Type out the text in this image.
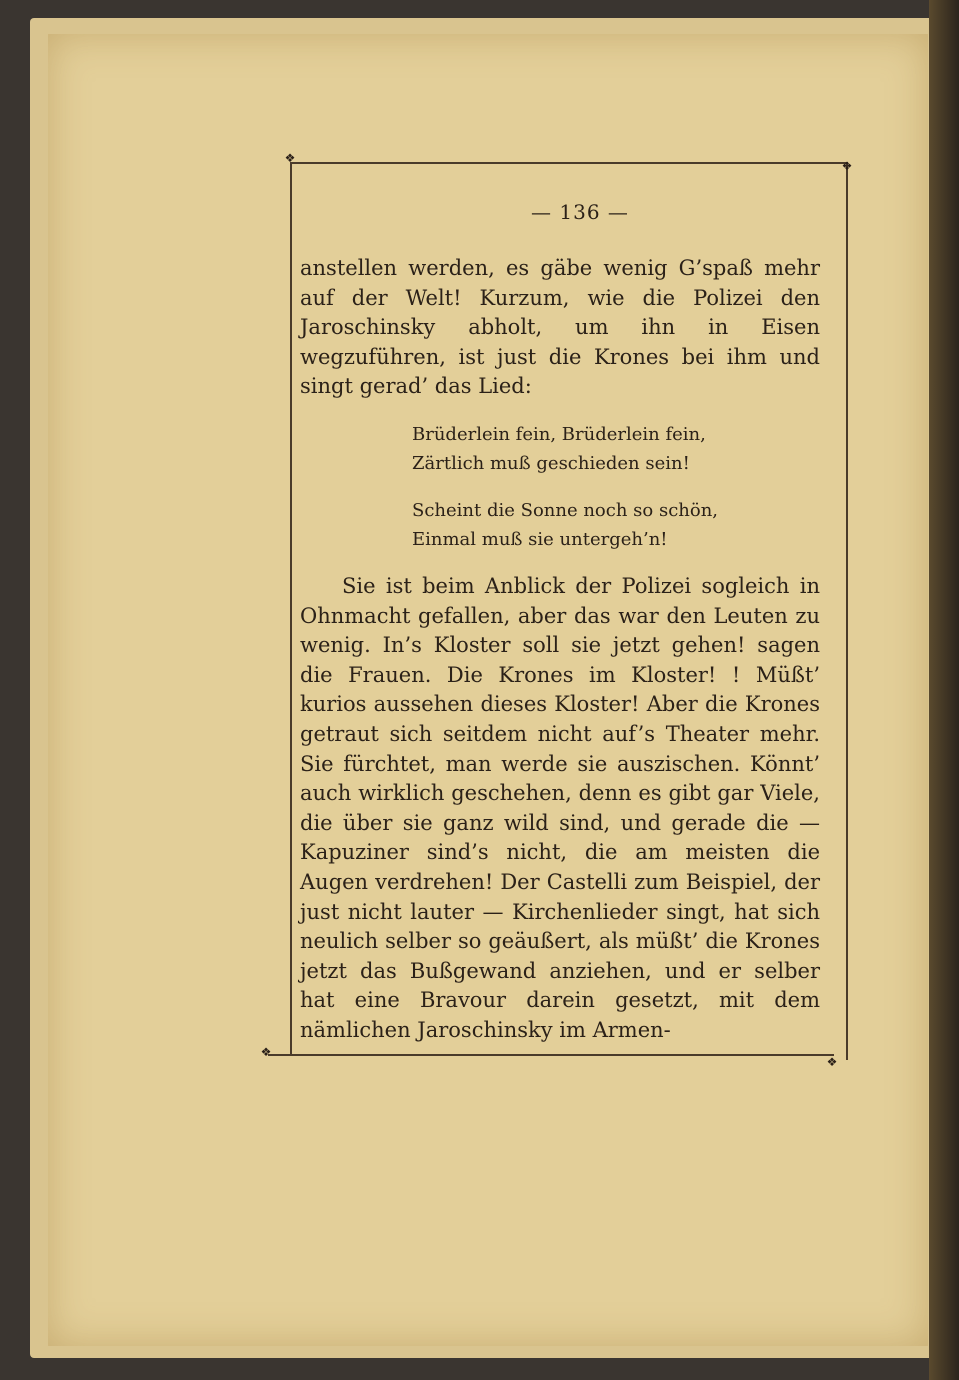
❖
❖
❖
❖
— 136 —

anstellen werden, es gäbe wenig G’spaß mehr auf der Welt! Kurzum, wie die Polizei den Jaroschinsky abholt, um ihn in Eisen wegzuführen, ist just die Krones bei ihm und singt gerad’ das Lied:

Brüderlein fein, Brüderlein fein,
Zärtlich muß geschieden sein!
Scheint die Sonne noch so schön,
Einmal muß sie untergeh’n!

Sie ist beim Anblick der Polizei sogleich in Ohnmacht gefallen, aber das war den Leuten zu wenig. In’s Kloster soll sie jetzt gehen! sagen die Frauen. Die Krones im Kloster! ! Müßt’ kurios aussehen dieses Kloster! Aber die Krones getraut sich seitdem nicht auf’s Theater mehr. Sie fürchtet, man werde sie auszischen. Könnt’ auch wirklich geschehen, denn es gibt gar Viele, die über sie ganz wild sind, und gerade die — Kapuziner sind’s nicht, die am meisten die Augen verdrehen! Der Castelli zum Beispiel, der just nicht lauter — Kirchenlieder singt, hat sich neulich selber so geäußert, als müßt’ die Krones jetzt das Bußgewand anziehen, und er selber hat eine Bravour darein gesetzt, mit dem nämlichen Jaroschinsky im Armen-
